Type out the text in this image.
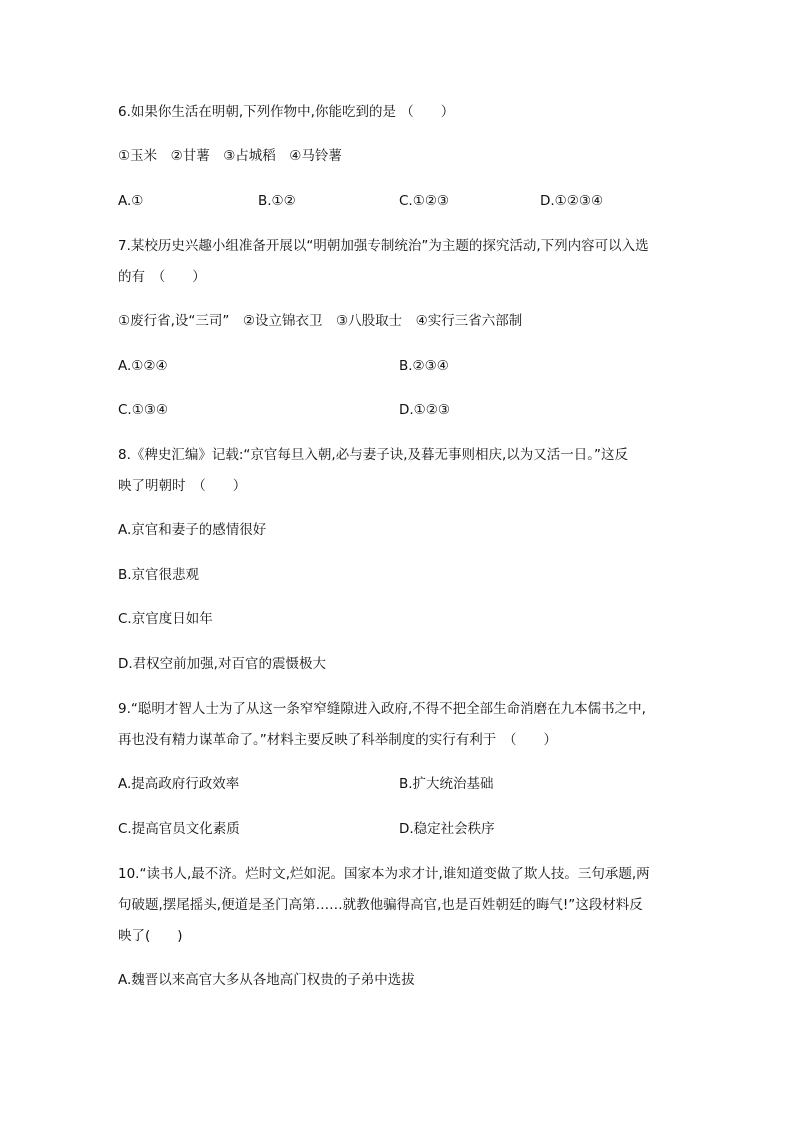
6.如果你生活在明朝,下列作物中,你能吃到的是 （　　）
①玉米　②甘薯　③占城稻　④马铃薯
A.①	B.①②	C.①②③	D.①②③④
7.某校历史兴趣小组准备开展以“明朝加强专制统治”为主题的探究活动,下列内容可以入选
的有　（　　）
①废行省,设“三司”　②设立锦衣卫　③八股取士　④实行三省六部制
A.①②④	B.②③④
C.①③④	D.①②③
8.《稗史汇编》记载:“京官每旦入朝,必与妻子诀,及暮无事则相庆,以为又活一日。”这反
映了明朝时　（　　）
A.京官和妻子的感情很好
B.京官很悲观
C.京官度日如年
D.君权空前加强,对百官的震慑极大
9.“聪明才智人士为了从这一条窄窄缝隙进入政府,不得不把全部生命消磨在九本儒书之中,
再也没有精力谋革命了。”材料主要反映了科举制度的实行有利于　（　　）
A.提高政府行政效率	B.扩大统治基础
C.提高官员文化素质	D.稳定社会秩序
10.“读书人,最不济。烂时文,烂如泥。国家本为求才计,谁知道变做了欺人技。三句承题,两
句破题,摆尾摇头,便道是圣门高第……就教他骗得高官,也是百姓朝廷的晦气!”这段材料反
映了(　　)
A.魏晋以来高官大多从各地高门权贵的子弟中选拔
